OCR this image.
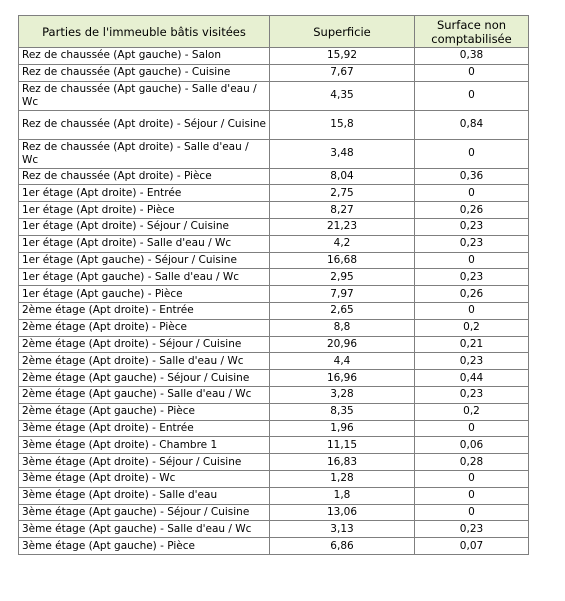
Parties de l'immeuble bâtis visitées	Superficie	Surface non comptabilisée
Rez de chaussée (Apt gauche) - Salon	15,92	0,38
Rez de chaussée (Apt gauche) - Cuisine	7,67	0
Rez de chaussée (Apt gauche) - Salle d'eau / Wc	4,35	0
Rez de chaussée (Apt droite) - Séjour / Cuisine	15,8	0,84
Rez de chaussée (Apt droite) - Salle d'eau / Wc	3,48	0
Rez de chaussée (Apt droite) - Pièce	8,04	0,36
1er étage (Apt droite) - Entrée	2,75	0
1er étage (Apt droite) - Pièce	8,27	0,26
1er étage (Apt droite) - Séjour / Cuisine	21,23	0,23
1er étage (Apt droite) - Salle d'eau / Wc	4,2	0,23
1er étage (Apt gauche) - Séjour / Cuisine	16,68	0
1er étage (Apt gauche) - Salle d'eau / Wc	2,95	0,23
1er étage (Apt gauche) - Pièce	7,97	0,26
2ème étage (Apt droite) - Entrée	2,65	0
2ème étage (Apt droite) - Pièce	8,8	0,2
2ème étage (Apt droite) - Séjour / Cuisine	20,96	0,21
2ème étage (Apt droite) - Salle d'eau / Wc	4,4	0,23
2ème étage (Apt gauche) - Séjour / Cuisine	16,96	0,44
2ème étage (Apt gauche) - Salle d'eau / Wc	3,28	0,23
2ème étage (Apt gauche) - Pièce	8,35	0,2
3ème étage (Apt droite) - Entrée	1,96	0
3ème étage (Apt droite) - Chambre 1	11,15	0,06
3ème étage (Apt droite) - Séjour / Cuisine	16,83	0,28
3ème étage (Apt droite) - Wc	1,28	0
3ème étage (Apt droite) - Salle d'eau	1,8	0
3ème étage (Apt gauche) - Séjour / Cuisine	13,06	0
3ème étage (Apt gauche) - Salle d'eau / Wc	3,13	0,23
3ème étage (Apt gauche) - Pièce	6,86	0,07
